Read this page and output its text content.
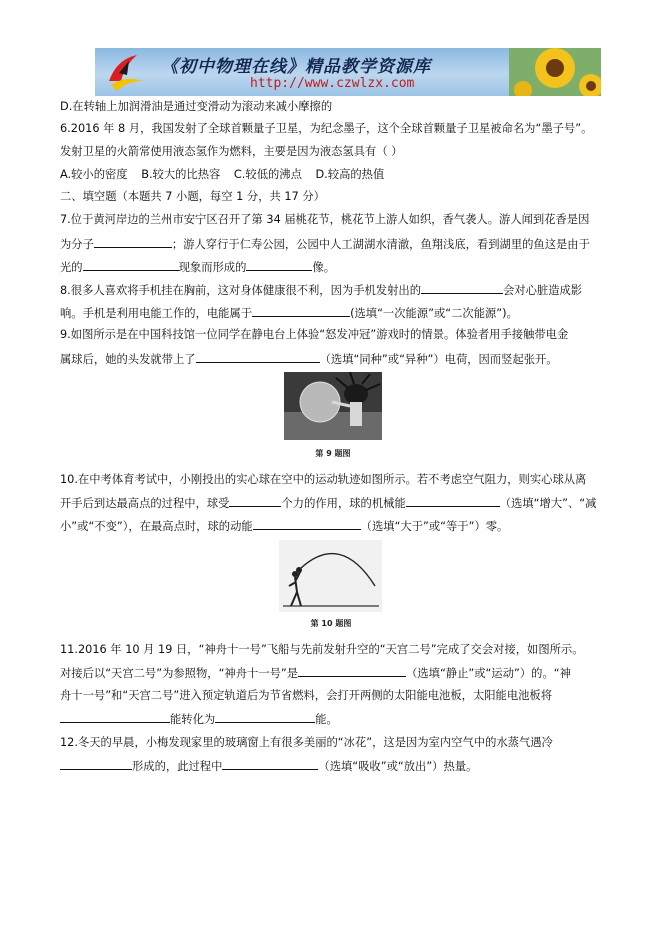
《初中物理在线》精品教学资源库
http://www.czwlzx.com
D.在转轴上加润滑油是通过变滑动为滚动来减小摩擦的
6.2016 年 8 月，我国发射了全球首颗量子卫星，为纪念墨子，这个全球首颗量子卫星被命名为“墨子号”。
发射卫星的火箭常使用液态氢作为燃料，主要是因为液态氢具有（ ）
A.较小的密度 B.较大的比热容 C.较低的沸点 D.较高的热值
二、填空题（本题共 7 小题，每空 1 分，共 17 分）
7.位于黄河岸边的兰州市安宁区召开了第 34 届桃花节，桃花节上游人如织，香气袭人。游人闻到花香是因
为分子	；游人穿行于仁寿公园，公园中人工湖湖水清澈，鱼翔浅底，看到湖里的鱼这是由于
光的	现象而形成的	像。
8.很多人喜欢将手机挂在胸前，这对身体健康很不利，因为手机发射出的	会对心脏造成影
响。手机是利用电能工作的，电能属于	(选填“一次能源”或“二次能源”)。
9.如图所示是在中国科技馆一位同学在静电台上体验“怒发冲冠”游戏时的情景。体验者用手接触带电金
属球后，她的头发就带上了	（选填“同种”或“异种”）电荷，因而竖起张开。
第 9 题图
10.在中考体育考试中，小刚投出的实心球在空中的运动轨迹如图所示。若不考虑空气阻力，则实心球从离
开手后到达最高点的过程中，球受	个力的作用，球的机械能	（选填“增大”、“减
小”或“不变”），在最高点时，球的动能	（选填“大于”或“等于”）零。
第 10 题图
11.2016 年 10 月 19 日，“神舟十一号”飞船与先前发射升空的“天宫二号”完成了交会对接，如图所示。
对接后以“天宫二号”为参照物，“神舟十一号”是	（选填“静止”或“运动”）的。“神
舟十一号”和“天宫二号”进入预定轨道后为节省燃料，会打开两侧的太阳能电池板，太阳能电池板将
能转化为	能。
12.冬天的早晨，小梅发现家里的玻璃窗上有很多美丽的“冰花”，这是因为室内空气中的水蒸气遇冷
形成的，此过程中	（选填“吸收”或“放出”）热量。
